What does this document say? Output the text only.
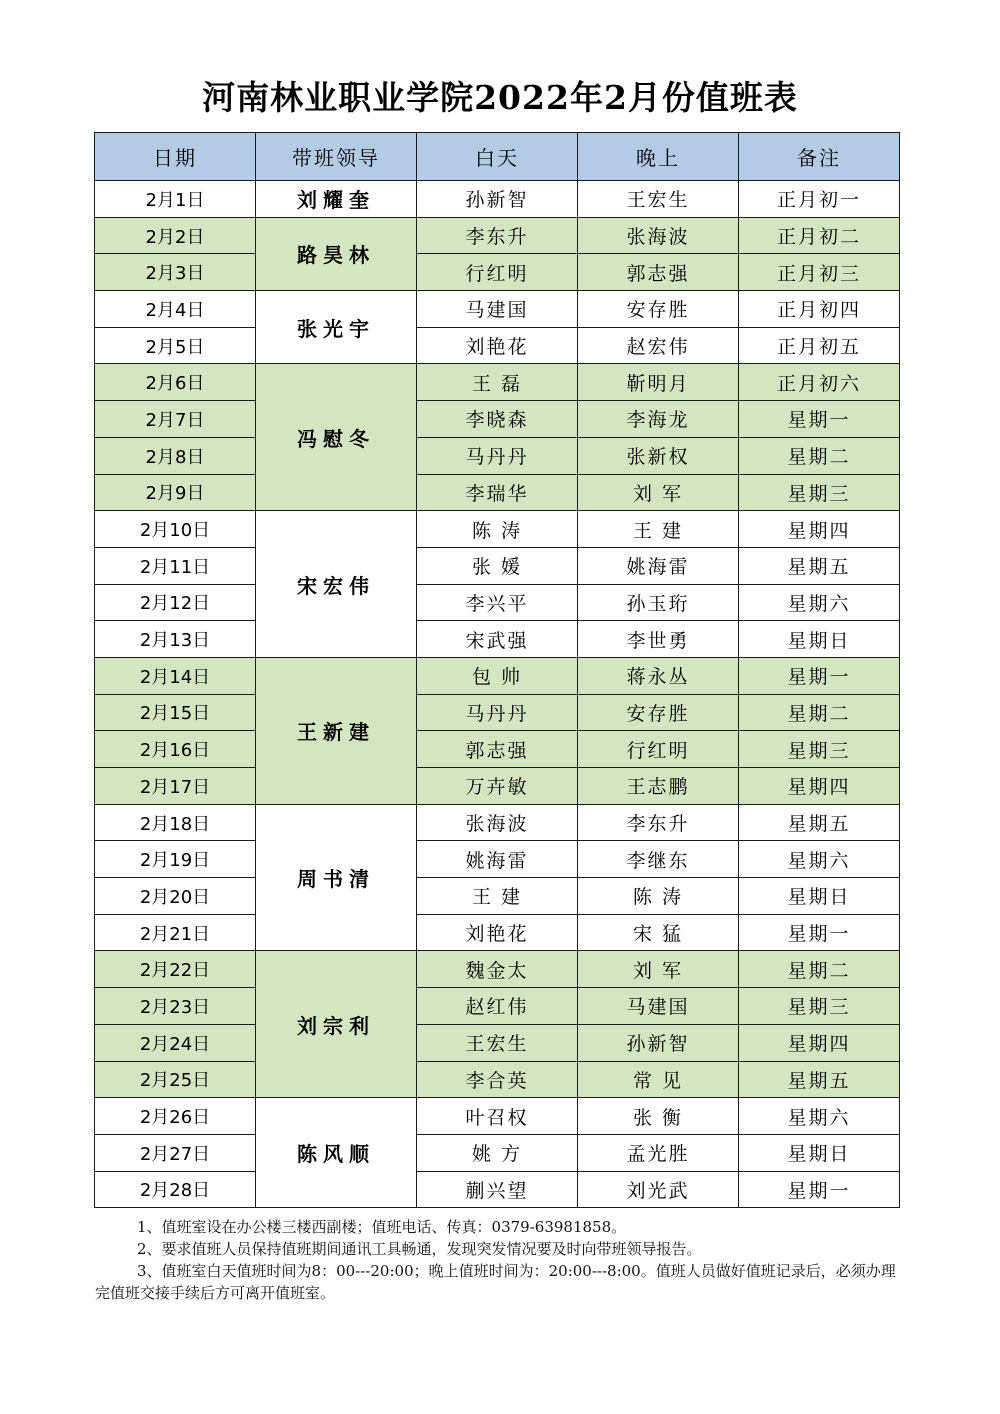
河南林业职业学院2022年2月份值班表
日期	带班领导	白天	晚上	备注
2月1日	刘耀奎	孙新智	王宏生	正月初一
2月2日	路昊林	李东升	张海波	正月初二
2月3日		行红明	郭志强	正月初三
2月4日	张光宇	马建国	安存胜	正月初四
2月5日		刘艳花	赵宏伟	正月初五
2月6日	冯慰冬	王 磊	靳明月	正月初六
2月7日		李晓森	李海龙	星期一
2月8日		马丹丹	张新权	星期二
2月9日		李瑞华	刘 军	星期三
2月10日	宋宏伟	陈 涛	王 建	星期四
2月11日		张 媛	姚海雷	星期五
2月12日		李兴平	孙玉珩	星期六
2月13日		宋武强	李世勇	星期日
2月14日	王新建	包 帅	蒋永丛	星期一
2月15日		马丹丹	安存胜	星期二
2月16日		郭志强	行红明	星期三
2月17日		万卉敏	王志鹏	星期四
2月18日	周书清	张海波	李东升	星期五
2月19日		姚海雷	李继东	星期六
2月20日		王 建	陈 涛	星期日
2月21日		刘艳花	宋 猛	星期一
2月22日	刘宗利	魏金太	刘 军	星期二
2月23日		赵红伟	马建国	星期三
2月24日		王宏生	孙新智	星期四
2月25日		李合英	常 见	星期五
2月26日	陈风顺	叶召权	张 衡	星期六
2月27日		姚 方	孟光胜	星期日
2月28日		蒯兴望	刘光武	星期一

1、值班室设在办公楼三楼西副楼；值班电话、传真：0379-63981858。

2、要求值班人员保持值班期间通讯工具畅通，发现突发情况要及时向带班领导报告。

3、值班室白天值班时间为8：00---20:00；晚上值班时间为：20:00---8:00。值班人员做好值班记录后，必须办理完值班交接手续后方可离开值班室。
